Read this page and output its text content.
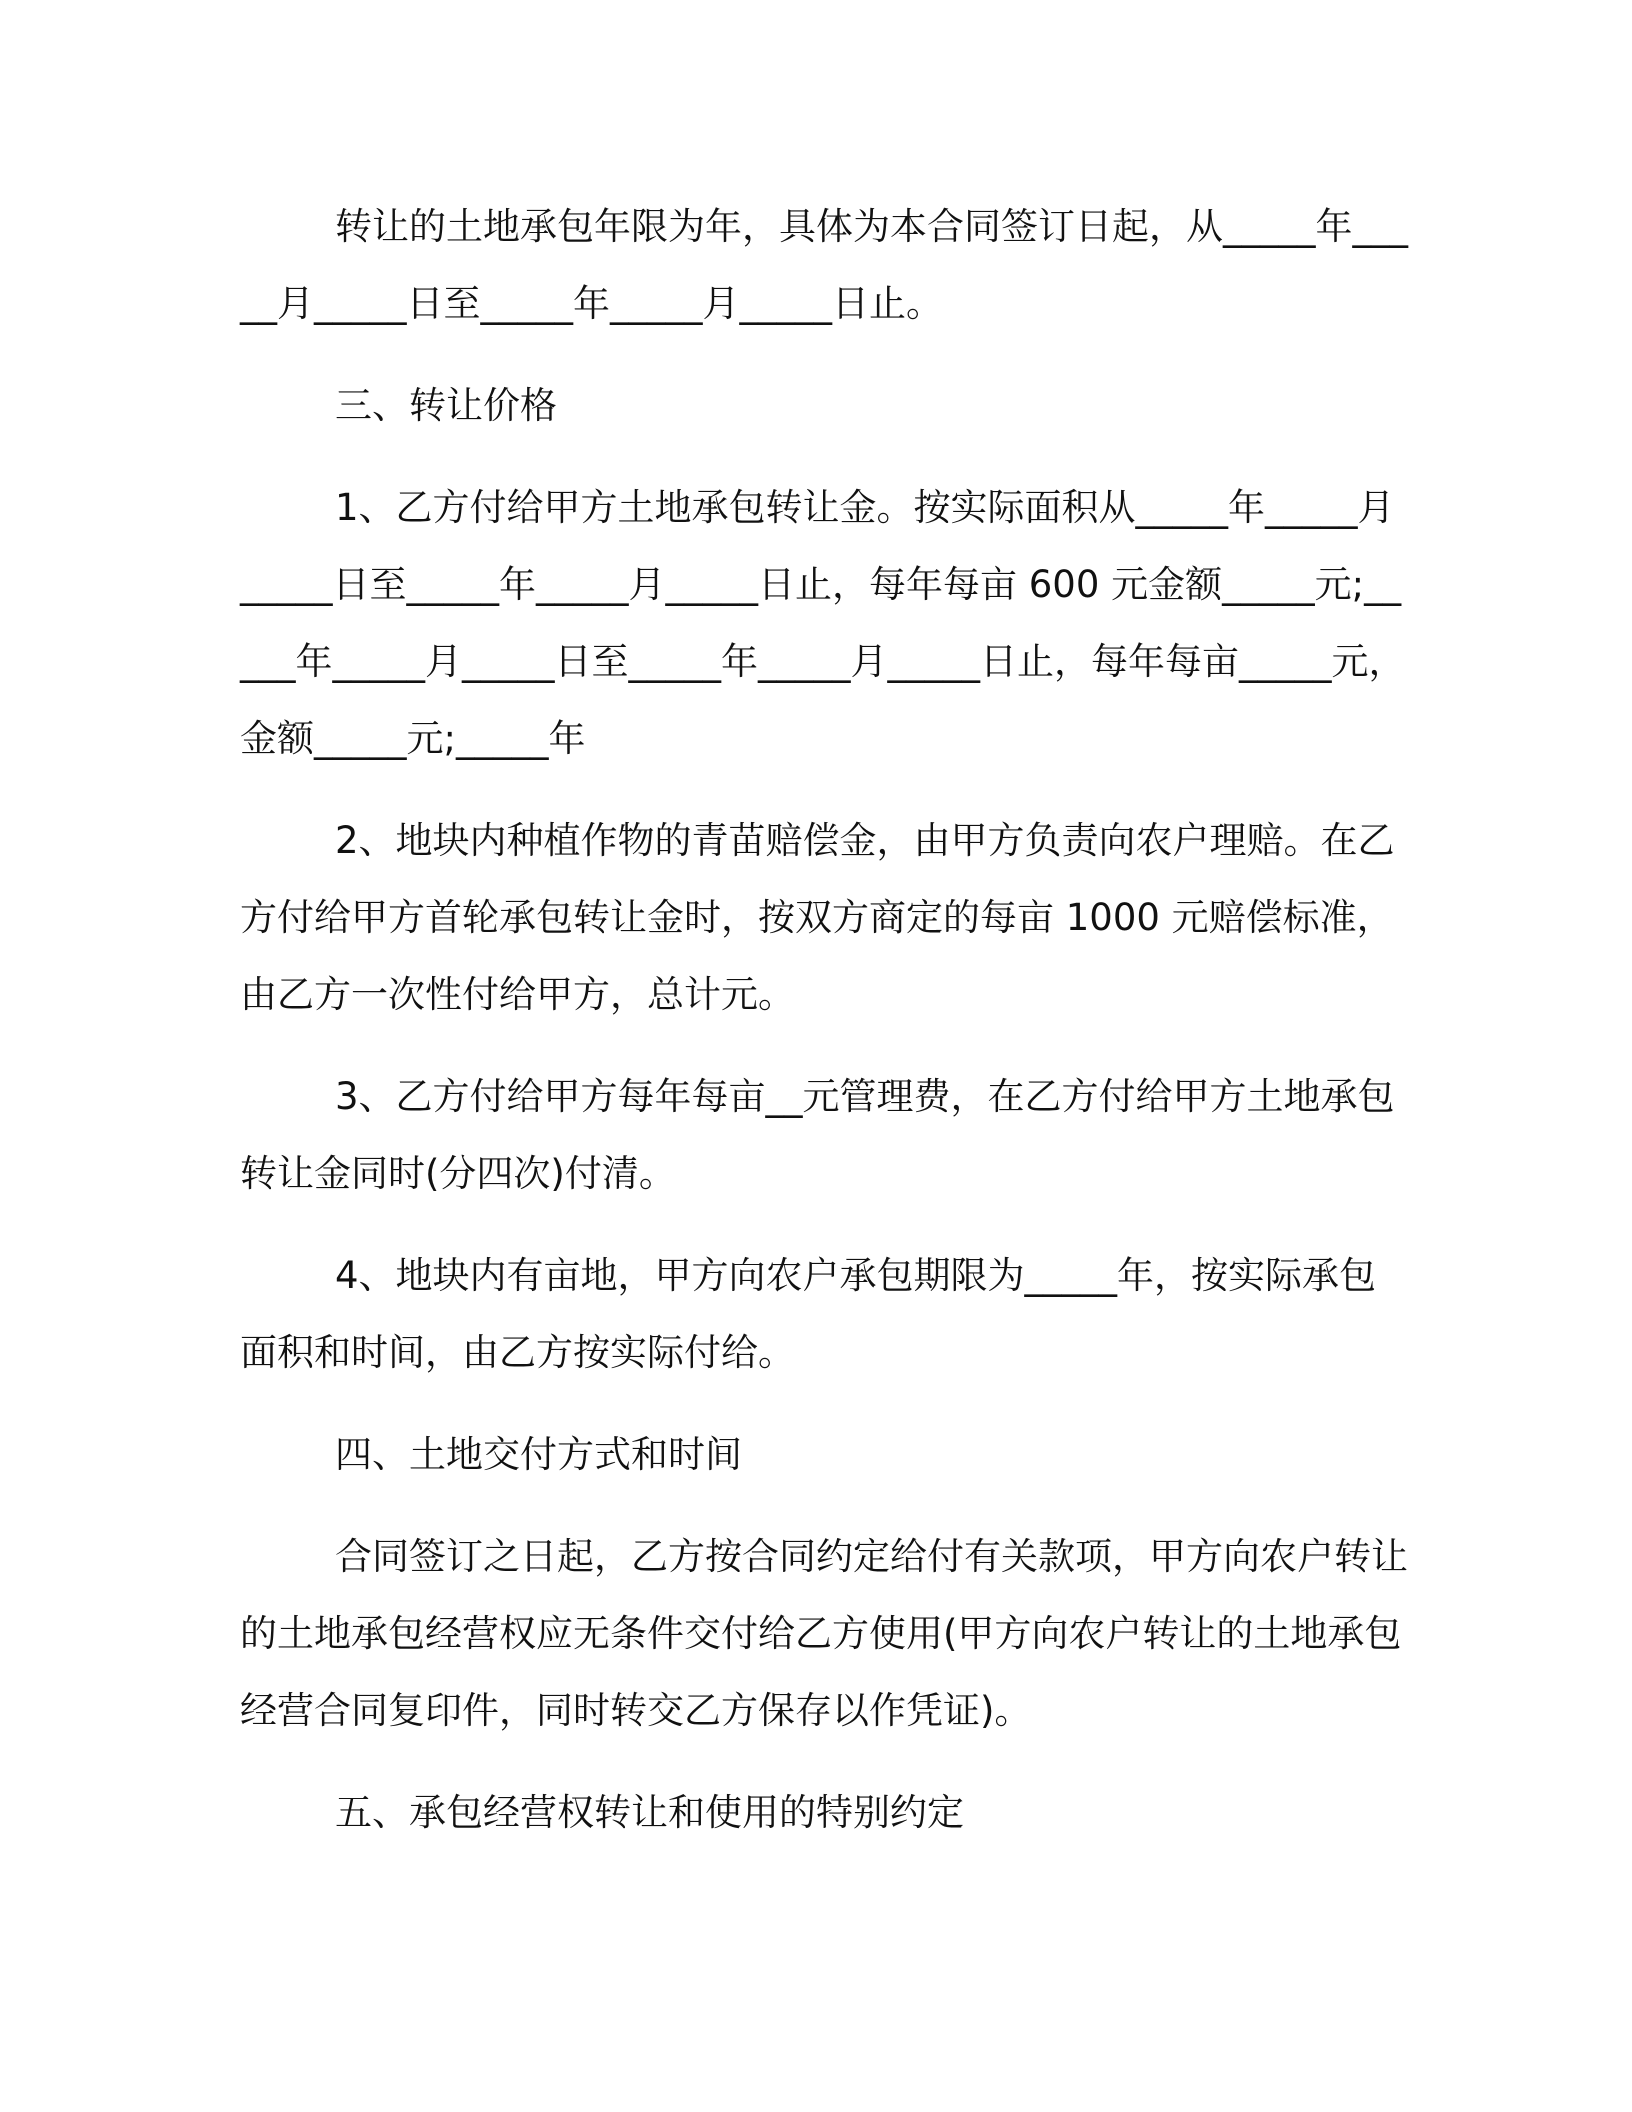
转让的土地承包年限为年，具体为本合同签订日起，从_____年_____月_____日至_____年_____月_____日止。

三、转让价格

1、乙方付给甲方土地承包转让金。按实际面积从_____年_____月_____日至_____年_____月_____日止，每年每亩 600 元金额_____元;_____年_____月_____日至_____年_____月_____日止，每年每亩_____元，金额_____元;_____年

2、地块内种植作物的青苗赔偿金，由甲方负责向农户理赔。在乙方付给甲方首轮承包转让金时，按双方商定的每亩 1000 元赔偿标准，由乙方一次性付给甲方，总计元。

3、乙方付给甲方每年每亩__元管理费，在乙方付给甲方土地承包转让金同时(分四次)付清。

4、地块内有亩地，甲方向农户承包期限为_____年，按实际承包面积和时间，由乙方按实际付给。

四、土地交付方式和时间

合同签订之日起，乙方按合同约定给付有关款项，甲方向农户转让的土地承包经营权应无条件交付给乙方使用(甲方向农户转让的土地承包经营合同复印件，同时转交乙方保存以作凭证)。

五、承包经营权转让和使用的特别约定
